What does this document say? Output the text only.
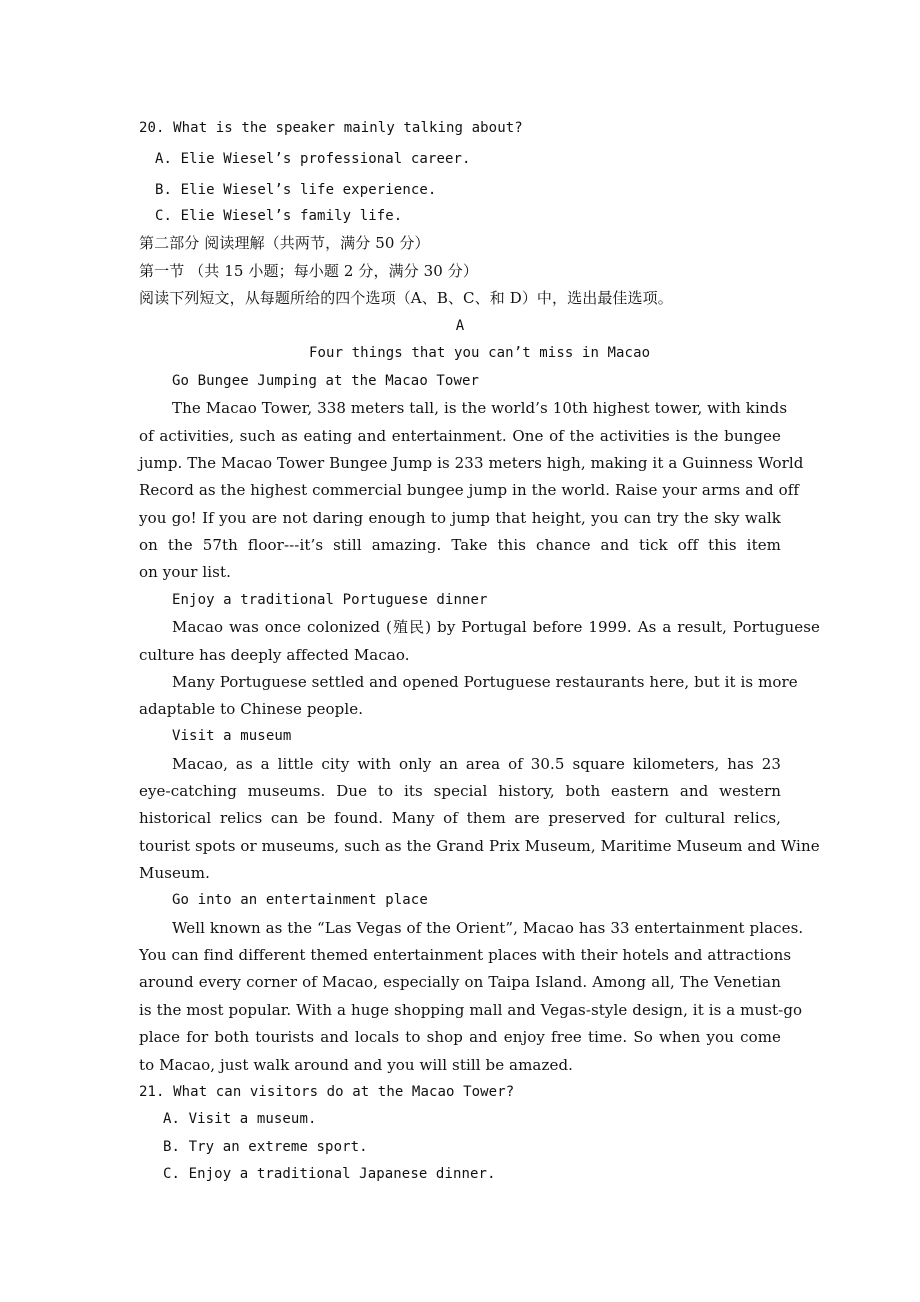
20. What is the speaker mainly talking about?
A. Elie Wiesel’s professional career.
B. Elie Wiesel’s life experience.
C. Elie Wiesel’s family life.
第二部分 阅读理解（共两节，满分 50 分）
第一节 （共 15 小题；每小题 2 分，满分 30 分）
阅读下列短文，从每题所给的四个选项（A、B、C、和 D）中，选出最佳选项。
A
Four things that you can’t miss in Macao
Go Bungee Jumping at the Macao Tower
The Macao Tower, 338 meters tall, is the world’s 10th highest tower, with kinds
of activities, such as eating and entertainment. One of the activities is the bungee
jump. The Macao Tower Bungee Jump is 233 meters high, making it a Guinness World
Record as the highest commercial bungee jump in the world. Raise your arms and off
you go! If you are not daring enough to jump that height, you can try the sky walk
on the 57th floor---it’s still amazing. Take this chance and tick off this item
on your list.
Enjoy a traditional Portuguese dinner
Macao was once colonized (殖民) by Portugal before 1999. As a result, Portuguese
culture has deeply affected Macao.
Many Portuguese settled and opened Portuguese restaurants here, but it is more
adaptable to Chinese people.
Visit a museum
Macao, as a little city with only an area of 30.5 square kilometers, has 23
eye-catching museums. Due to its special history, both eastern and western
historical relics can be found. Many of them are preserved for cultural relics,
tourist spots or museums, such as the Grand Prix Museum, Maritime Museum and Wine
Museum.
Go into an entertainment place
Well known as the “Las Vegas of the Orient”, Macao has 33 entertainment places.
You can find different themed entertainment places with their hotels and attractions
around every corner of Macao, especially on Taipa Island. Among all, The Venetian
is the most popular. With a huge shopping mall and Vegas-style design, it is a must-go
place for both tourists and locals to shop and enjoy free time. So when you come
to Macao, just walk around and you will still be amazed.
21. What can visitors do at the Macao Tower?
A. Visit a museum.
B. Try an extreme sport.
C. Enjoy a traditional Japanese dinner.
